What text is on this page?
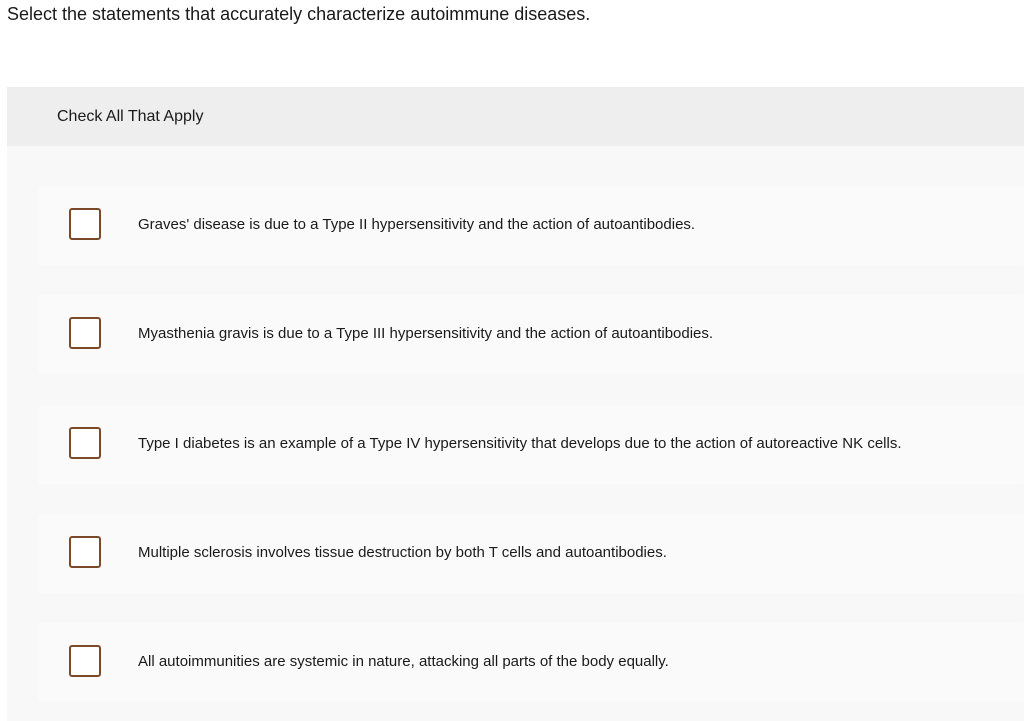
Select the statements that accurately characterize autoimmune diseases.
Check All That Apply
Graves' disease is due to a Type II hypersensitivity and the action of autoantibodies.
Myasthenia gravis is due to a Type III hypersensitivity and the action of autoantibodies.
Type I diabetes is an example of a Type IV hypersensitivity that develops due to the action of autoreactive NK cells.
Multiple sclerosis involves tissue destruction by both T cells and autoantibodies.
All autoimmunities are systemic in nature, attacking all parts of the body equally.
